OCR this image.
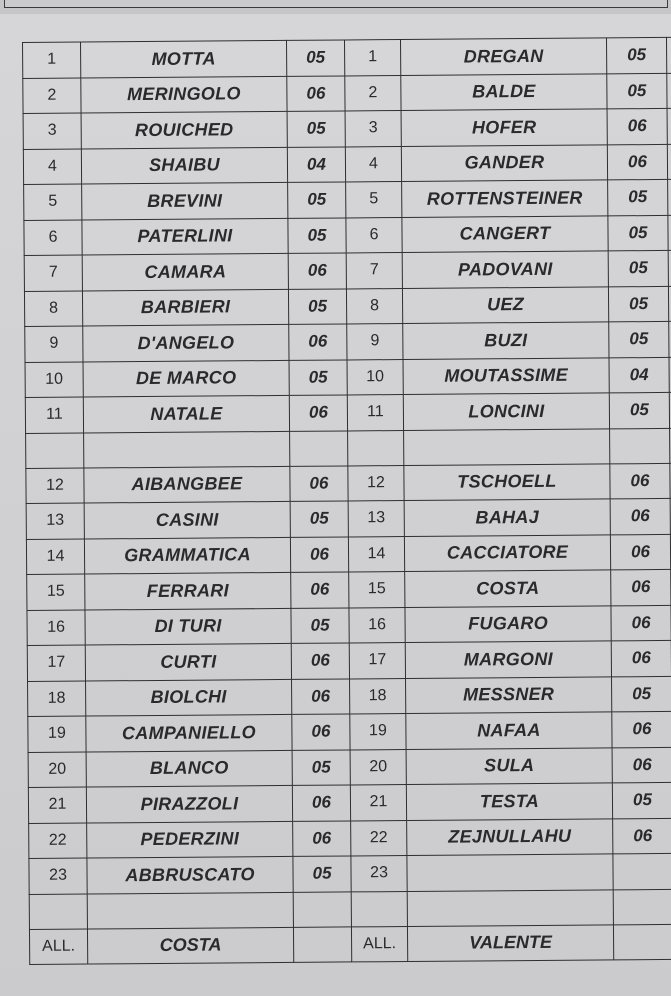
1	MOTTA	05	1	DREGAN	05	
2	MERINGOLO	06	2	BALDE	05	
3	ROUICHED	05	3	HOFER	06	
4	SHAIBU	04	4	GANDER	06	
5	BREVINI	05	5	ROTTENSTEINER	05	
6	PATERLINI	05	6	CANGERT	05	
7	CAMARA	06	7	PADOVANI	05	
8	BARBIERI	05	8	UEZ	05	
9	D'ANGELO	06	9	BUZI	05	
10	DE MARCO	05	10	MOUTASSIME	04	
11	NATALE	06	11	LONCINI	05	

12	AIBANGBEE	06	12	TSCHOELL	06	
13	CASINI	05	13	BAHAJ	06	
14	GRAMMATICA	06	14	CACCIATORE	06	
15	FERRARI	06	15	COSTA	06	
16	DI TURI	05	16	FUGARO	06	
17	CURTI	06	17	MARGONI	06	
18	BIOLCHI	06	18	MESSNER	05	
19	CAMPANIELLO	06	19	NAFAA	06	
20	BLANCO	05	20	SULA	06	
21	PIRAZZOLI	06	21	TESTA	05	
22	PEDERZINI	06	22	ZEJNULLAHU	06	
23	ABBRUSCATO	05	23			

ALL.	COSTA		ALL.	VALENTE		
